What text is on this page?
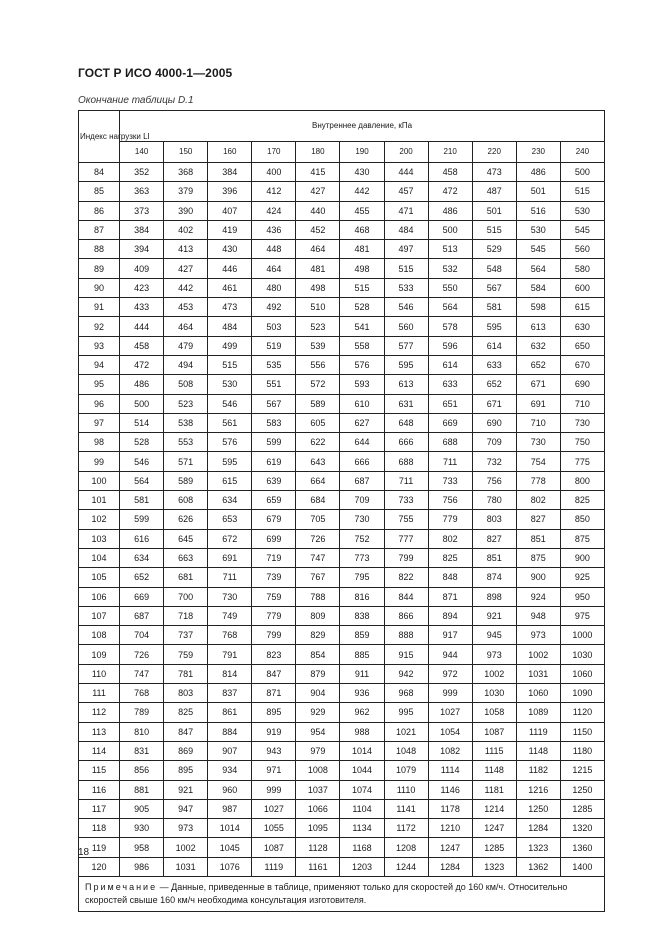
ГОСТ Р ИСО 4000-1—2005
Окончание таблицы D.1
Индекс нагрузки LI	Внутреннее давление, кПа										
	140	150	160	170	180	190	200	210	220	230	240
84	352	368	384	400	415	430	444	458	473	486	500
85	363	379	396	412	427	442	457	472	487	501	515
86	373	390	407	424	440	455	471	486	501	516	530
87	384	402	419	436	452	468	484	500	515	530	545
88	394	413	430	448	464	481	497	513	529	545	560
89	409	427	446	464	481	498	515	532	548	564	580
90	423	442	461	480	498	515	533	550	567	584	600
91	433	453	473	492	510	528	546	564	581	598	615
92	444	464	484	503	523	541	560	578	595	613	630
93	458	479	499	519	539	558	577	596	614	632	650
94	472	494	515	535	556	576	595	614	633	652	670
95	486	508	530	551	572	593	613	633	652	671	690
96	500	523	546	567	589	610	631	651	671	691	710
97	514	538	561	583	605	627	648	669	690	710	730
98	528	553	576	599	622	644	666	688	709	730	750
99	546	571	595	619	643	666	688	711	732	754	775
100	564	589	615	639	664	687	711	733	756	778	800
101	581	608	634	659	684	709	733	756	780	802	825
102	599	626	653	679	705	730	755	779	803	827	850
103	616	645	672	699	726	752	777	802	827	851	875
104	634	663	691	719	747	773	799	825	851	875	900
105	652	681	711	739	767	795	822	848	874	900	925
106	669	700	730	759	788	816	844	871	898	924	950
107	687	718	749	779	809	838	866	894	921	948	975
108	704	737	768	799	829	859	888	917	945	973	1000
109	726	759	791	823	854	885	915	944	973	1002	1030
110	747	781	814	847	879	911	942	972	1002	1031	1060
111	768	803	837	871	904	936	968	999	1030	1060	1090
112	789	825	861	895	929	962	995	1027	1058	1089	1120
113	810	847	884	919	954	988	1021	1054	1087	1119	1150
114	831	869	907	943	979	1014	1048	1082	1115	1148	1180
115	856	895	934	971	1008	1044	1079	1114	1148	1182	1215
116	881	921	960	999	1037	1074	1110	1146	1181	1216	1250
117	905	947	987	1027	1066	1104	1141	1178	1214	1250	1285
118	930	973	1014	1055	1095	1134	1172	1210	1247	1284	1320
119	958	1002	1045	1087	1128	1168	1208	1247	1285	1323	1360
120	986	1031	1076	1119	1161	1203	1244	1284	1323	1362	1400
Примечание — Данные, приведенные в таблице, применяют только для скоростей до 160 км/ч. Относительно скоростей свыше 160 км/ч необходима консультация изготовителя.											
18
